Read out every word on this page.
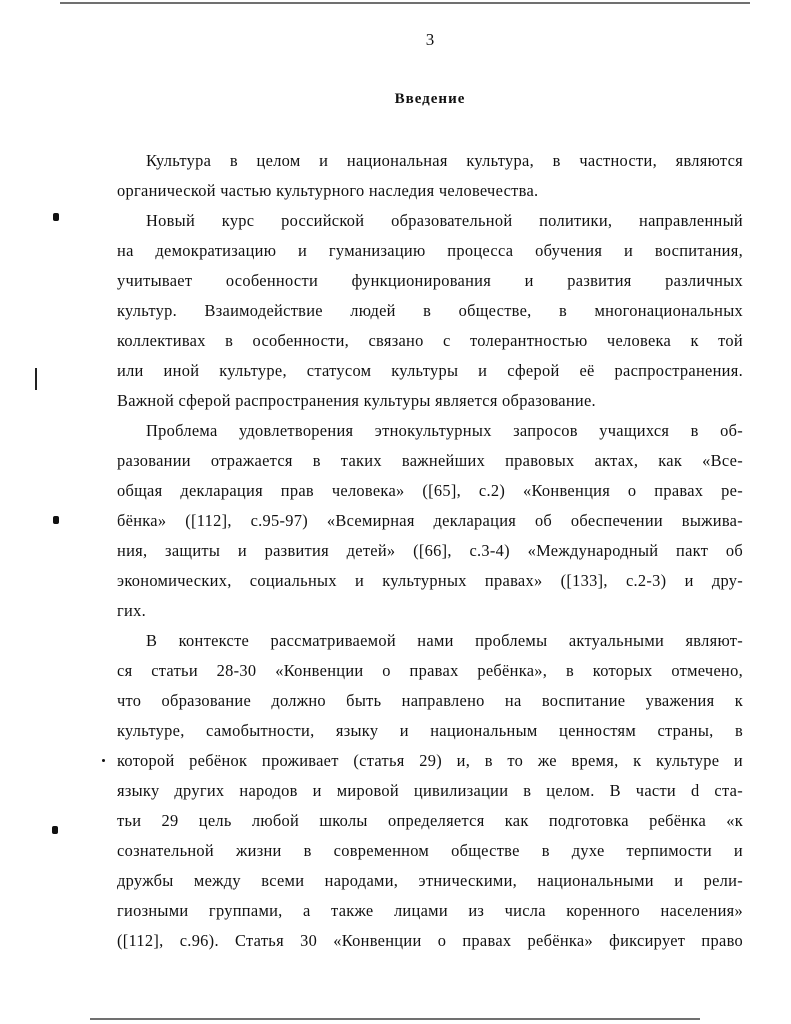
3
Введение
Культура в целом и национальная культура, в частности, являются
органической частью культурного наследия человечества.
Новый курс российской образовательной политики, направленный
на демократизацию и гуманизацию процесса обучения и воспитания,
учитывает особенности функционирования и развития различных
культур. Взаимодействие людей в обществе, в многонациональных
коллективах в особенности, связано с толерантностью человека к той
или иной культуре, статусом культуры и сферой её распространения.
Важной сферой распространения культуры является образование.
Проблема удовлетворения этнокультурных запросов учащихся в об-
разовании отражается в таких важнейших правовых актах, как «Все-
общая декларация прав человека» ([65], с.2) «Конвенция о правах ре-
бёнка» ([112], с.95-97) «Всемирная декларация об обеспечении выжива-
ния, защиты и развития детей» ([66], с.3-4) «Международный пакт об
экономических, социальных и культурных правах» ([133], с.2-3) и дру-
гих.
В контексте рассматриваемой нами проблемы актуальными являют-
ся статьи 28-30 «Конвенции о правах ребёнка», в которых отмечено,
что образование должно быть направлено на воспитание уважения к
культуре, самобытности, языку и национальным ценностям страны, в
которой ребёнок проживает (статья 29) и, в то же время, к культуре и
языку других народов и мировой цивилизации в целом. В части d ста-
тьи 29 цель любой школы определяется как подготовка ребёнка «к
сознательной жизни в современном обществе в духе терпимости и
дружбы между всеми народами, этническими, национальными и рели-
гиозными группами, а также лицами из числа коренного населения»
([112], с.96). Статья 30 «Конвенции о правах ребёнка» фиксирует право
